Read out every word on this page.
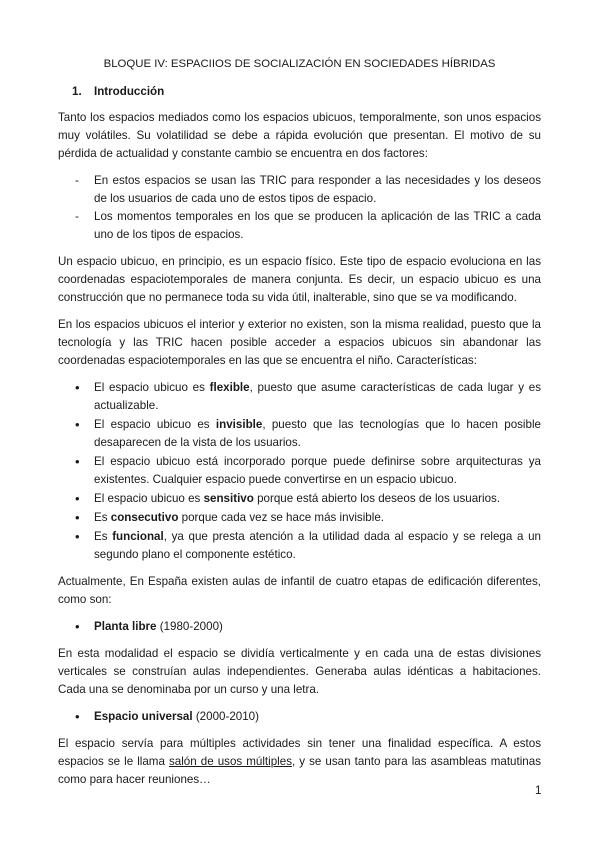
BLOQUE IV: ESPACIIOS DE SOCIALIZACIÓN EN SOCIEDADES HÍBRIDAS
1. Introducción

Tanto los espacios mediados como los espacios ubicuos, temporalmente, son unos espacios muy volátiles. Su volatilidad se debe a rápida evolución que presentan. El motivo de su pérdida de actualidad y constante cambio se encuentra en dos factores:

- En estos espacios se usan las TRIC para responder a las necesidades y los deseos de los usuarios de cada uno de estos tipos de espacio.
- Los momentos temporales en los que se producen la aplicación de las TRIC a cada uno de los tipos de espacios.

Un espacio ubicuo, en principio, es un espacio físico. Este tipo de espacio evoluciona en las coordenadas espaciotemporales de manera conjunta. Es decir, un espacio ubicuo es una construcción que no permanece toda su vida útil, inalterable, sino que se va modificando.

En los espacios ubicuos el interior y exterior no existen, son la misma realidad, puesto que la tecnología y las TRIC hacen posible acceder a espacios ubicuos sin abandonar las coordenadas espaciotemporales en las que se encuentra el niño. Características:

• El espacio ubicuo es flexible, puesto que asume características de cada lugar y es actualizable.
• El espacio ubicuo es invisible, puesto que las tecnologías que lo hacen posible desaparecen de la vista de los usuarios.
• El espacio ubicuo está incorporado porque puede definirse sobre arquitecturas ya existentes. Cualquier espacio puede convertirse en un espacio ubicuo.
• El espacio ubicuo es sensitivo porque está abierto los deseos de los usuarios.
• Es consecutivo porque cada vez se hace más invisible.
• Es funcional, ya que presta atención a la utilidad dada al espacio y se relega a un segundo plano el componente estético.

Actualmente, En España existen aulas de infantil de cuatro etapas de edificación diferentes, como son:

• Planta libre (1980-2000)

En esta modalidad el espacio se dividía verticalmente y en cada una de estas divisiones verticales se construían aulas independientes. Generaba aulas idénticas a habitaciones. Cada una se denominaba por un curso y una letra.

• Espacio universal (2000-2010)

El espacio servía para múltiples actividades sin tener una finalidad específica. A estos espacios se le llama salón de usos múltiples, y se usan tanto para las asambleas matutinas como para hacer reuniones…

1
